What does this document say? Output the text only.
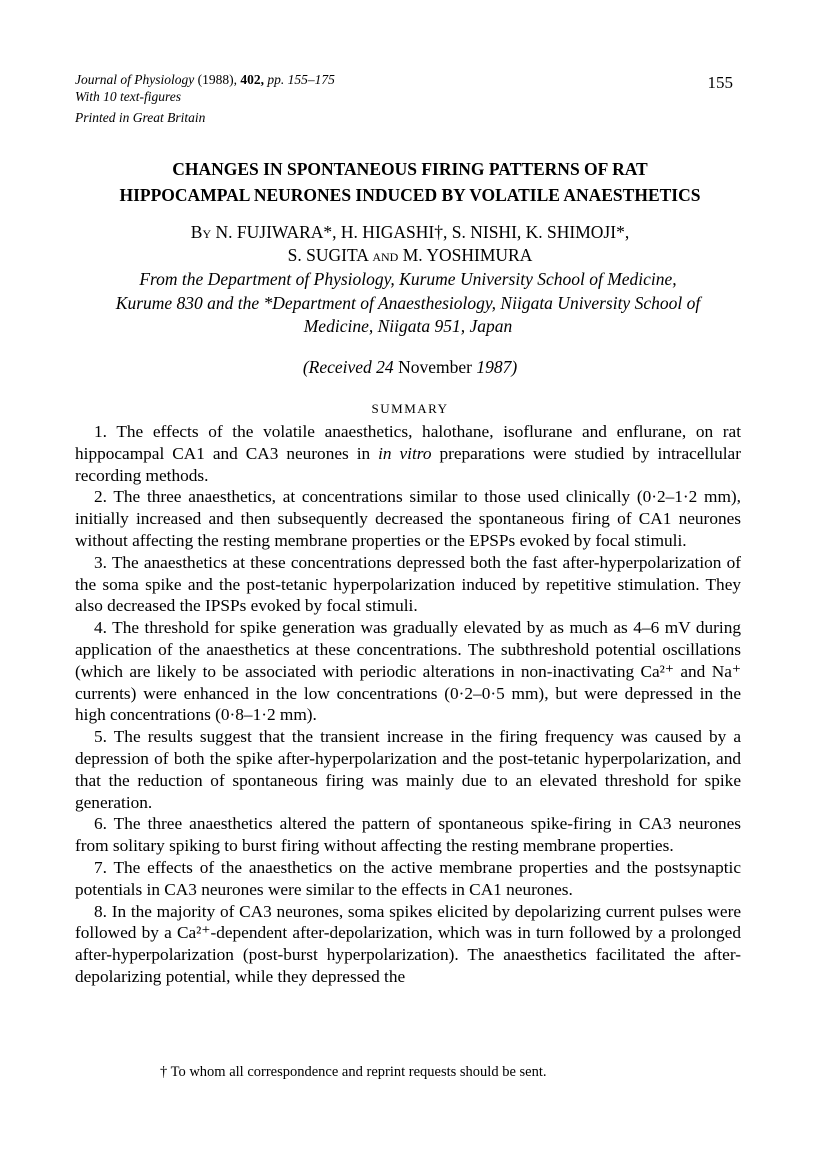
Journal of Physiology (1988), 402, pp. 155–175
With 10 text-figures
Printed in Great Britain
155
CHANGES IN SPONTANEOUS FIRING PATTERNS OF RAT
HIPPOCAMPAL NEURONES INDUCED BY VOLATILE ANAESTHETICS
By N. FUJIWARA*, H. HIGASHI†, S. NISHI, K. SHIMOJI*,
S. SUGITA and M. YOSHIMURA
From the Department of Physiology, Kurume University School of Medicine,
Kurume 830 and the *Department of Anaesthesiology, Niigata University School of
Medicine, Niigata 951, Japan
(Received 24 November 1987)
SUMMARY

1. The effects of the volatile anaesthetics, halothane, isoflurane and enflurane, on rat hippocampal CA1 and CA3 neurones in in vitro preparations were studied by intracellular recording methods.

2. The three anaesthetics, at concentrations similar to those used clinically (0·2–1·2 mm), initially increased and then subsequently decreased the spontaneous firing of CA1 neurones without affecting the resting membrane properties or the EPSPs evoked by focal stimuli.

3. The anaesthetics at these concentrations depressed both the fast after-hyperpolarization of the soma spike and the post-tetanic hyperpolarization induced by repetitive stimulation. They also decreased the IPSPs evoked by focal stimuli.

4. The threshold for spike generation was gradually elevated by as much as 4–6 mV during application of the anaesthetics at these concentrations. The subthreshold potential oscillations (which are likely to be associated with periodic alterations in non-inactivating Ca²⁺ and Na⁺ currents) were enhanced in the low concentrations (0·2–0·5 mm), but were depressed in the high concentrations (0·8–1·2 mm).

5. The results suggest that the transient increase in the firing frequency was caused by a depression of both the spike after-hyperpolarization and the post-tetanic hyperpolarization, and that the reduction of spontaneous firing was mainly due to an elevated threshold for spike generation.

6. The three anaesthetics altered the pattern of spontaneous spike-firing in CA3 neurones from solitary spiking to burst firing without affecting the resting membrane properties.

7. The effects of the anaesthetics on the active membrane properties and the postsynaptic potentials in CA3 neurones were similar to the effects in CA1 neurones.

8. In the majority of CA3 neurones, soma spikes elicited by depolarizing current pulses were followed by a Ca²⁺-dependent after-depolarization, which was in turn followed by a prolonged after-hyperpolarization (post-burst hyperpolarization). The anaesthetics facilitated the after-depolarizing potential, while they depressed the

† To whom all correspondence and reprint requests should be sent.
